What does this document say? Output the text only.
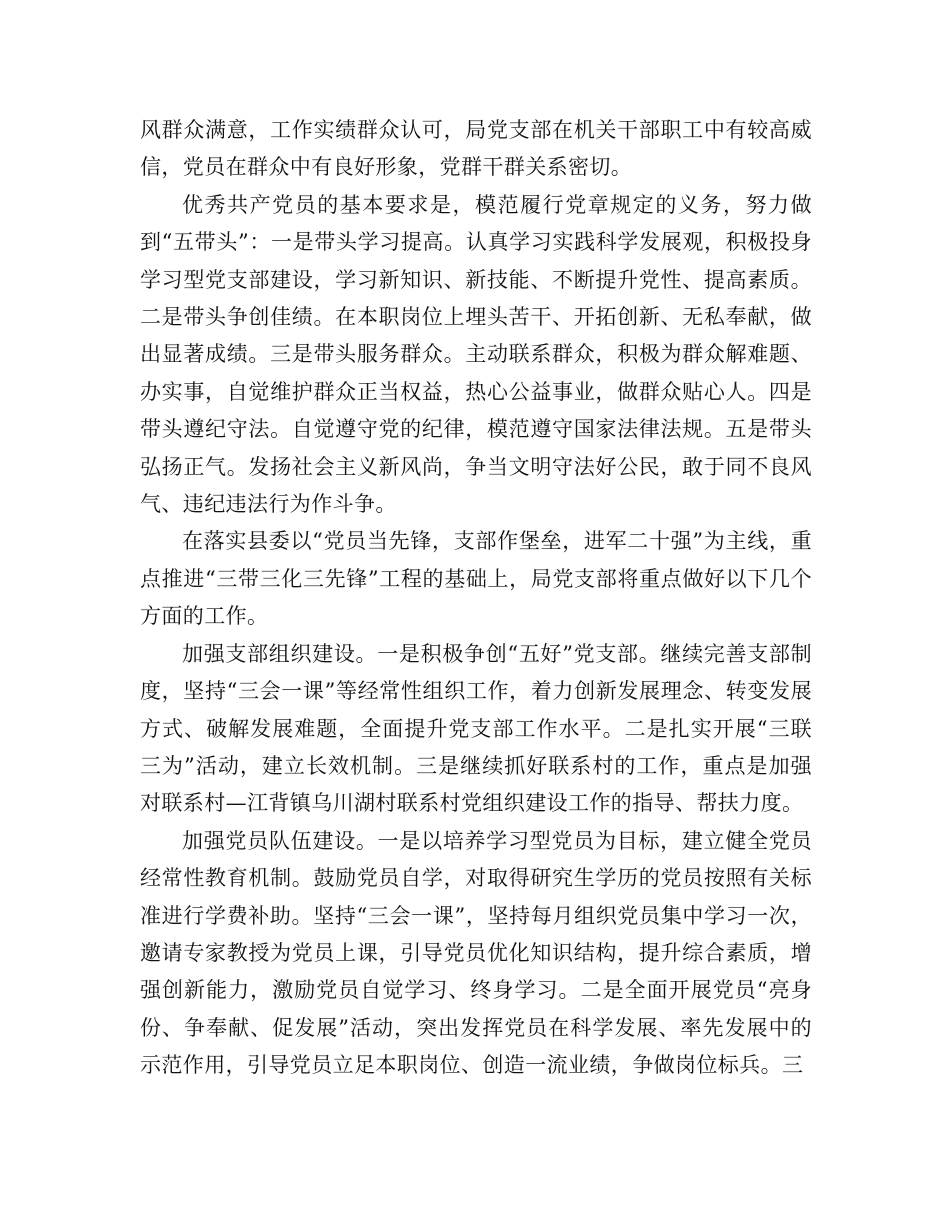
风群众满意，工作实绩群众认可，局党支部在机关干部职工中有较高威信，党员在群众中有良好形象，党群干群关系密切。

优秀共产党员的基本要求是，模范履行党章规定的义务，努力做到“五带头”：一是带头学习提高。认真学习实践科学发展观，积极投身学习型党支部建设，学习新知识、新技能、不断提升党性、提高素质。二是带头争创佳绩。在本职岗位上埋头苦干、开拓创新、无私奉献，做出显著成绩。三是带头服务群众。主动联系群众，积极为群众解难题、办实事，自觉维护群众正当权益，热心公益事业，做群众贴心人。四是带头遵纪守法。自觉遵守党的纪律，模范遵守国家法律法规。五是带头弘扬正气。发扬社会主义新风尚，争当文明守法好公民，敢于同不良风气、违纪违法行为作斗争。

在落实县委以“党员当先锋，支部作堡垒，进军二十强”为主线，重点推进“三带三化三先锋”工程的基础上，局党支部将重点做好以下几个方面的工作。

加强支部组织建设。一是积极争创“五好”党支部。继续完善支部制度，坚持“三会一课”等经常性组织工作，着力创新发展理念、转变发展方式、破解发展难题，全面提升党支部工作水平。二是扎实开展“三联三为”活动，建立长效机制。三是继续抓好联系村的工作，重点是加强对联系村—江背镇乌川湖村联系村党组织建设工作的指导、帮扶力度。

加强党员队伍建设。一是以培养学习型党员为目标，建立健全党员经常性教育机制。鼓励党员自学，对取得研究生学历的党员按照有关标准进行学费补助。坚持“三会一课”，坚持每月组织党员集中学习一次，邀请专家教授为党员上课，引导党员优化知识结构，提升综合素质，增强创新能力，激励党员自觉学习、终身学习。二是全面开展党员“亮身份、争奉献、促发展”活动，突出发挥党员在科学发展、率先发展中的示范作用，引导党员立足本职岗位、创造一流业绩，争做岗位标兵。三
